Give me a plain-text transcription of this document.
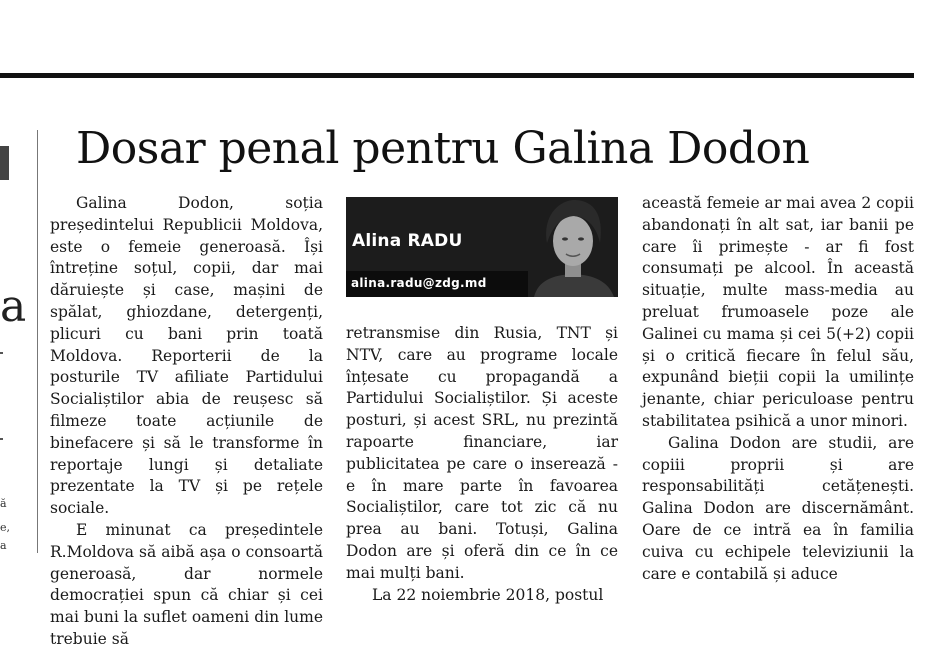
a
ă
e,
a
Dosar penal pentru Galina Dodon

Galina Dodon, soția președintelui Republicii Moldova, este o femeie generoasă. Își întreține soțul, copii, dar mai dăruiește și case, mașini de spălat, ghiozdane, detergenți, plicuri cu bani prin toată Moldova. Reporterii de la posturile TV afiliate Partidului Socialiștilor abia de reușesc să filmeze toate acțiunile de binefacere și să le transforme în reportaje lungi și detaliate prezentate la TV și pe rețele sociale.

E minunat ca președintele R.Moldova să aibă așa o consoartă generoasă, dar normele democrației spun că chiar și cei mai buni la suflet oameni din lume trebuie să

Alina RADU
alina.radu@zdg.md

retransmise din Rusia, TNT și NTV, care au programe locale înțesate cu propagandă a Partidului Socialiștilor. Și aceste posturi, și acest SRL, nu prezintă rapoarte financiare, iar publicitatea pe care o inserează - e în mare parte în favoarea Socialiștilor, care tot zic că nu prea au bani. Totuși, Galina Dodon are și oferă din ce în ce mai mulți bani.

La 22 noiembrie 2018, postul

această femeie ar mai avea 2 copii abandonați în alt sat, iar banii pe care îi primește - ar fi fost consumați pe alcool. În această situație, multe mass-media au preluat frumoasele poze ale Galinei cu mama și cei 5(+2) copii și o critică fiecare în felul său, expunând bieții copii la umilințe jenante, chiar periculoase pentru stabilitatea psihică a unor minori.

Galina Dodon are studii, are copiii proprii și are responsabilități cetățenești. Galina Dodon are discernământ. Oare de ce intră ea în familia cuiva cu echipele televiziunii la care e contabilă și aduce
